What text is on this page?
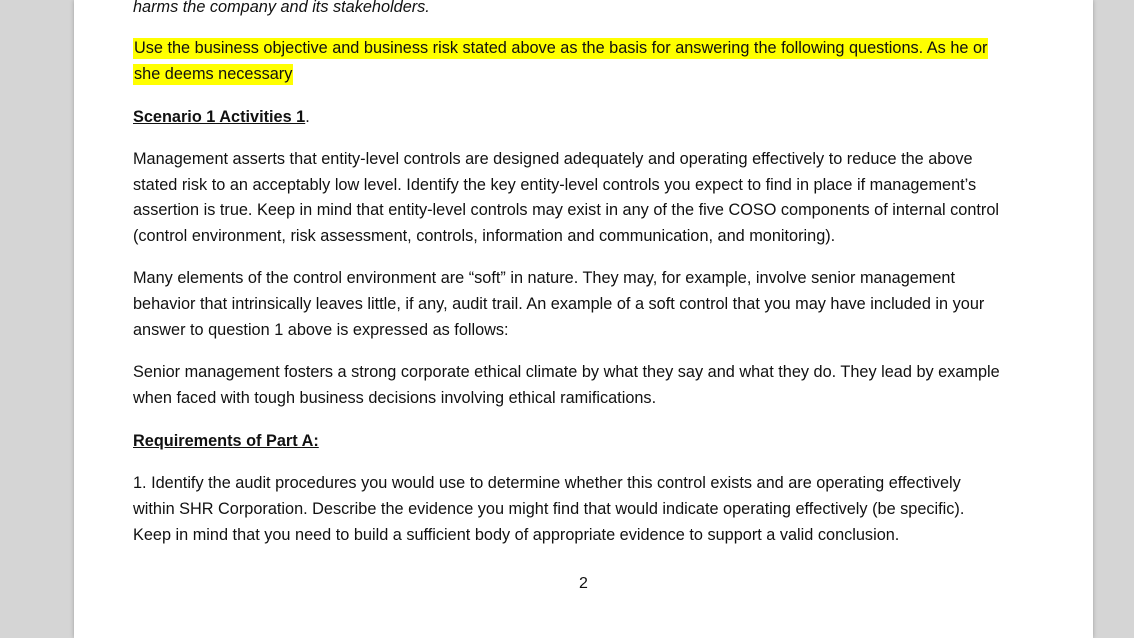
harms the company and its stakeholders.
Use the business objective and business risk stated above as the basis for answering the following questions. As he or
she deems necessary
Scenario 1 Activities 1.
Management asserts that entity-level controls are designed adequately and operating effectively to reduce the above
stated risk to an acceptably low level. Identify the key entity-level controls you expect to find in place if management’s
assertion is true. Keep in mind that entity-level controls may exist in any of the five COSO components of internal control
(control environment, risk assessment, controls, information and communication, and monitoring).
Many elements of the control environment are “soft” in nature. They may, for example, involve senior management
behavior that intrinsically leaves little, if any, audit trail. An example of a soft control that you may have included in your
answer to question 1 above is expressed as follows:
Senior management fosters a strong corporate ethical climate by what they say and what they do. They lead by example
when faced with tough business decisions involving ethical ramifications.
Requirements of Part A:
1. Identify the audit procedures you would use to determine whether this control exists and are operating effectively
within SHR Corporation. Describe the evidence you might find that would indicate operating effectively (be specific).
Keep in mind that you need to build a sufficient body of appropriate evidence to support a valid conclusion.
2
